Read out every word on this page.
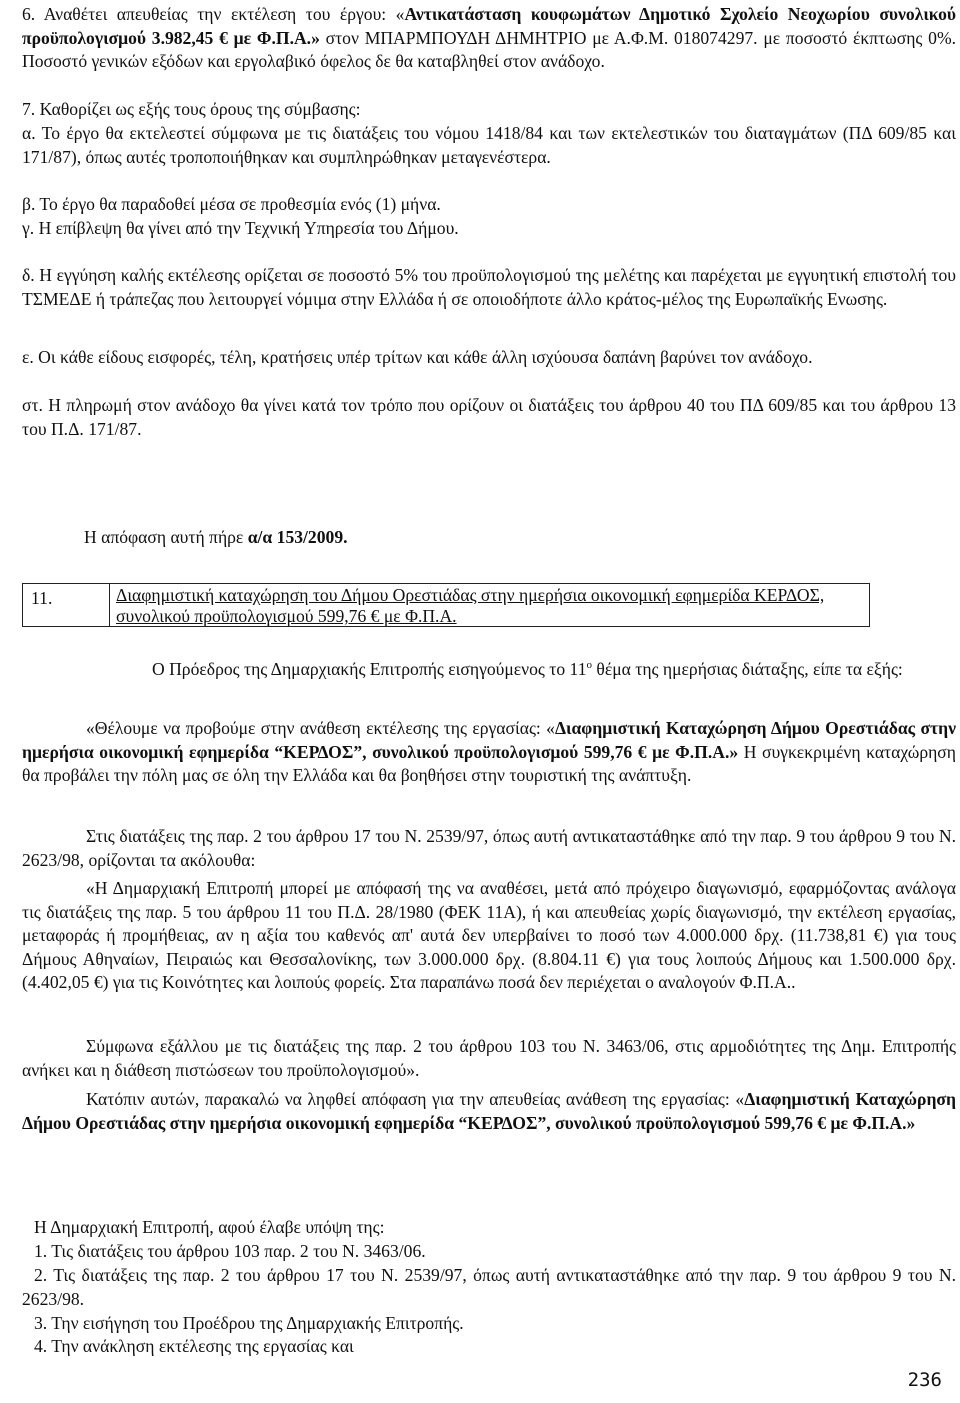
6. Αναθέτει απευθείας την εκτέλεση του έργου: «Αντικατάσταση κουφωμάτων Δημοτικό Σχολείο Νεοχωρίου συνολικού προϋπολογισμού 3.982,45 € με Φ.Π.Α.» στον ΜΠΑΡΜΠΟΥΔΗ ΔΗΜΗΤΡΙΟ με Α.Φ.Μ. 018074297. με ποσοστό έκπτωσης 0%. Ποσοστό γενικών εξόδων και εργολαβικό όφελος δε θα καταβληθεί στον ανάδοχο.

7. Καθορίζει ως εξής τους όρους της σύμβασης:

α. Το έργο θα εκτελεστεί σύμφωνα με τις διατάξεις του νόμου 1418/84 και των εκτελεστικών του διαταγμάτων (ΠΔ 609/85 και 171/87), όπως αυτές τροποποιήθηκαν και συμπληρώθηκαν μεταγενέστερα.

β. Το έργο θα παραδοθεί μέσα σε προθεσμία ενός (1) μήνα.

γ. Η επίβλεψη θα γίνει από την Τεχνική Υπηρεσία του Δήμου.

δ. Η εγγύηση καλής εκτέλεσης ορίζεται σε ποσοστό 5% του προϋπολογισμού της μελέτης και παρέχεται με εγγυητική επιστολή του ΤΣΜΕΔΕ ή τράπεζας που λειτουργεί νόμιμα στην Ελλάδα ή σε οποιοδήποτε άλλο κράτος-μέλος της Ευρωπαϊκής Ενωσης.

ε. Οι κάθε είδους εισφορές, τέλη, κρατήσεις υπέρ τρίτων και κάθε άλλη ισχύουσα δαπάνη βαρύνει τον ανάδοχο.

στ. Η πληρωμή στον ανάδοχο θα γίνει κατά τον τρόπο που ορίζουν οι διατάξεις του άρθρου 40 του ΠΔ 609/85 και του άρθρου 13 του Π.Δ. 171/87.

Η απόφαση αυτή πήρε α/α 153/2009.

11.	Διαφημιστική καταχώρηση του Δήμου Ορεστιάδας στην ημερήσια οικονομική εφημερίδα ΚΕΡΔΟΣ, συνολικού προϋπολογισμού 599,76 € με Φ.Π.Α.

Ο Πρόεδρος της Δημαρχιακής Επιτροπής εισηγούμενος το $11^o$ θέμα της ημερήσιας διάταξης, είπε τα εξής:

«Θέλουμε να προβούμε στην ανάθεση εκτέλεσης της εργασίας: «Διαφημιστική Καταχώρηση Δήμου Ορεστιάδας στην ημερήσια οικονομική εφημερίδα “ΚΕΡΔΟΣ”, συνολικού προϋπολογισμού 599,76 € με Φ.Π.Α.» Η συγκεκριμένη καταχώρηση θα προβάλει την πόλη μας σε όλη την Ελλάδα και θα βοηθήσει στην τουριστική της ανάπτυξη.

Στις διατάξεις της παρ. 2 του άρθρου 17 του Ν. 2539/97, όπως αυτή αντικαταστάθηκε από την παρ. 9 του άρθρου 9 του Ν. 2623/98, ορίζονται τα ακόλουθα:

«Η Δημαρχιακή Επιτροπή μπορεί με απόφασή της να αναθέσει, μετά από πρόχειρο διαγωνισμό, εφαρμόζοντας ανάλογα τις διατάξεις της παρ. 5 του άρθρου 11 του Π.Δ. 28/1980 (ΦΕΚ 11Α), ή και απευθείας χωρίς διαγωνισμό, την εκτέλεση εργασίας, μεταφοράς ή προμήθειας, αν η αξία του καθενός απ' αυτά δεν υπερβαίνει το ποσό των 4.000.000 δρχ. (11.738,81 €) για τους Δήμους Αθηναίων, Πειραιώς και Θεσσαλονίκης, των 3.000.000 δρχ. (8.804.11 €) για τους λοιπούς Δήμους και 1.500.000 δρχ. (4.402,05 €) για τις Κοινότητες και λοιπούς φορείς. Στα παραπάνω ποσά δεν περιέχεται ο αναλογούν Φ.Π.Α..

Σύμφωνα εξάλλου με τις διατάξεις της παρ. 2 του άρθρου 103 του Ν. 3463/06, στις αρμοδιότητες της Δημ. Επιτροπής ανήκει και η διάθεση πιστώσεων του προϋπολογισμού».

Κατόπιν αυτών, παρακαλώ να ληφθεί απόφαση για την απευθείας ανάθεση της εργασίας: «Διαφημιστική Καταχώρηση Δήμου Ορεστιάδας στην ημερήσια οικονομική εφημερίδα “ΚΕΡΔΟΣ”, συνολικού προϋπολογισμού 599,76 € με Φ.Π.Α.»

Η Δημαρχιακή Επιτροπή, αφού έλαβε υπόψη της:

1. Τις διατάξεις του άρθρου 103 παρ. 2 του Ν. 3463/06.

2. Τις διατάξεις της παρ. 2 του άρθρου 17 του Ν. 2539/97, όπως αυτή αντικαταστάθηκε από την παρ. 9 του άρθρου 9 του Ν. 2623/98.

3. Την εισήγηση του Προέδρου της Δημαρχιακής Επιτροπής.

4. Την ανάκληση εκτέλεσης της εργασίας και

236
